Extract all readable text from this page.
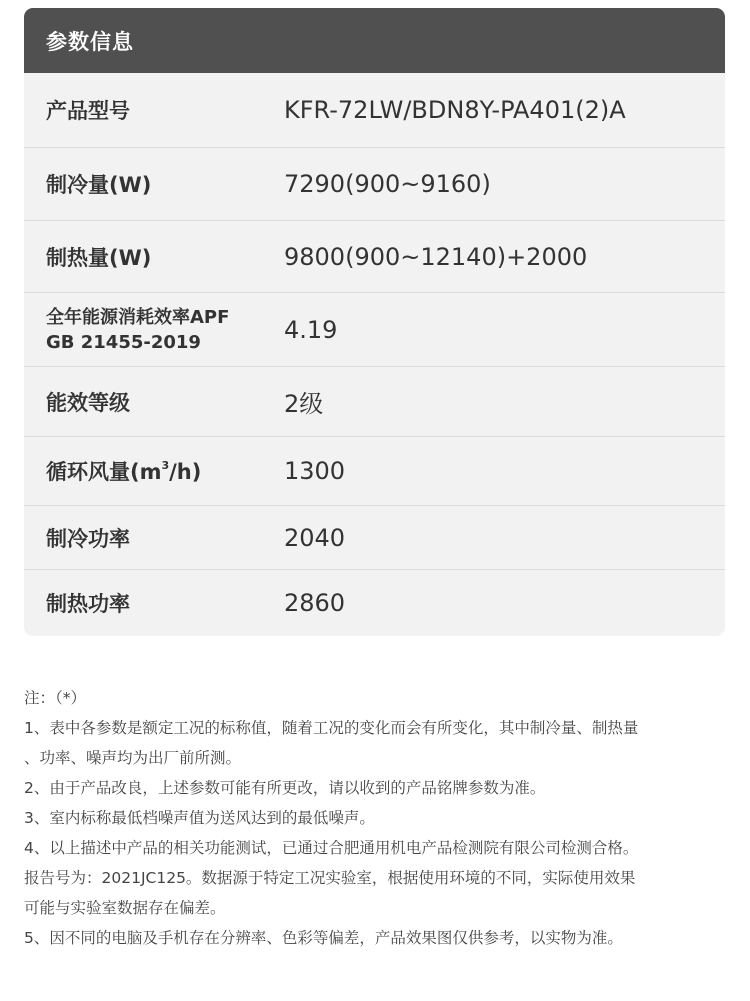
参数信息
产品型号	KFR-72LW/BDN8Y-PA401(2)A
制冷量(W)	7290(900~9160)
制热量(W)	9800(900~12140)+2000
全年能源消耗效率APF
GB 21455-2019	4.19
能效等级	2级
循环风量$(m^3/h)$	1300
制冷功率	2040
制热功率	2860
注：（*）
1、表中各参数是额定工况的标称值，随着工况的变化而会有所变化，其中制冷量、制热量
、功率、噪声均为出厂前所测。
2、由于产品改良，上述参数可能有所更改，请以收到的产品铭牌参数为准。
3、室内标称最低档噪声值为送风达到的最低噪声。
4、以上描述中产品的相关功能测试，已通过合肥通用机电产品检测院有限公司检测合格。
报告号为：2021JC125。数据源于特定工况实验室，根据使用环境的不同，实际使用效果
可能与实验室数据存在偏差。
5、因不同的电脑及手机存在分辨率、色彩等偏差，产品效果图仅供参考，以实物为准。
